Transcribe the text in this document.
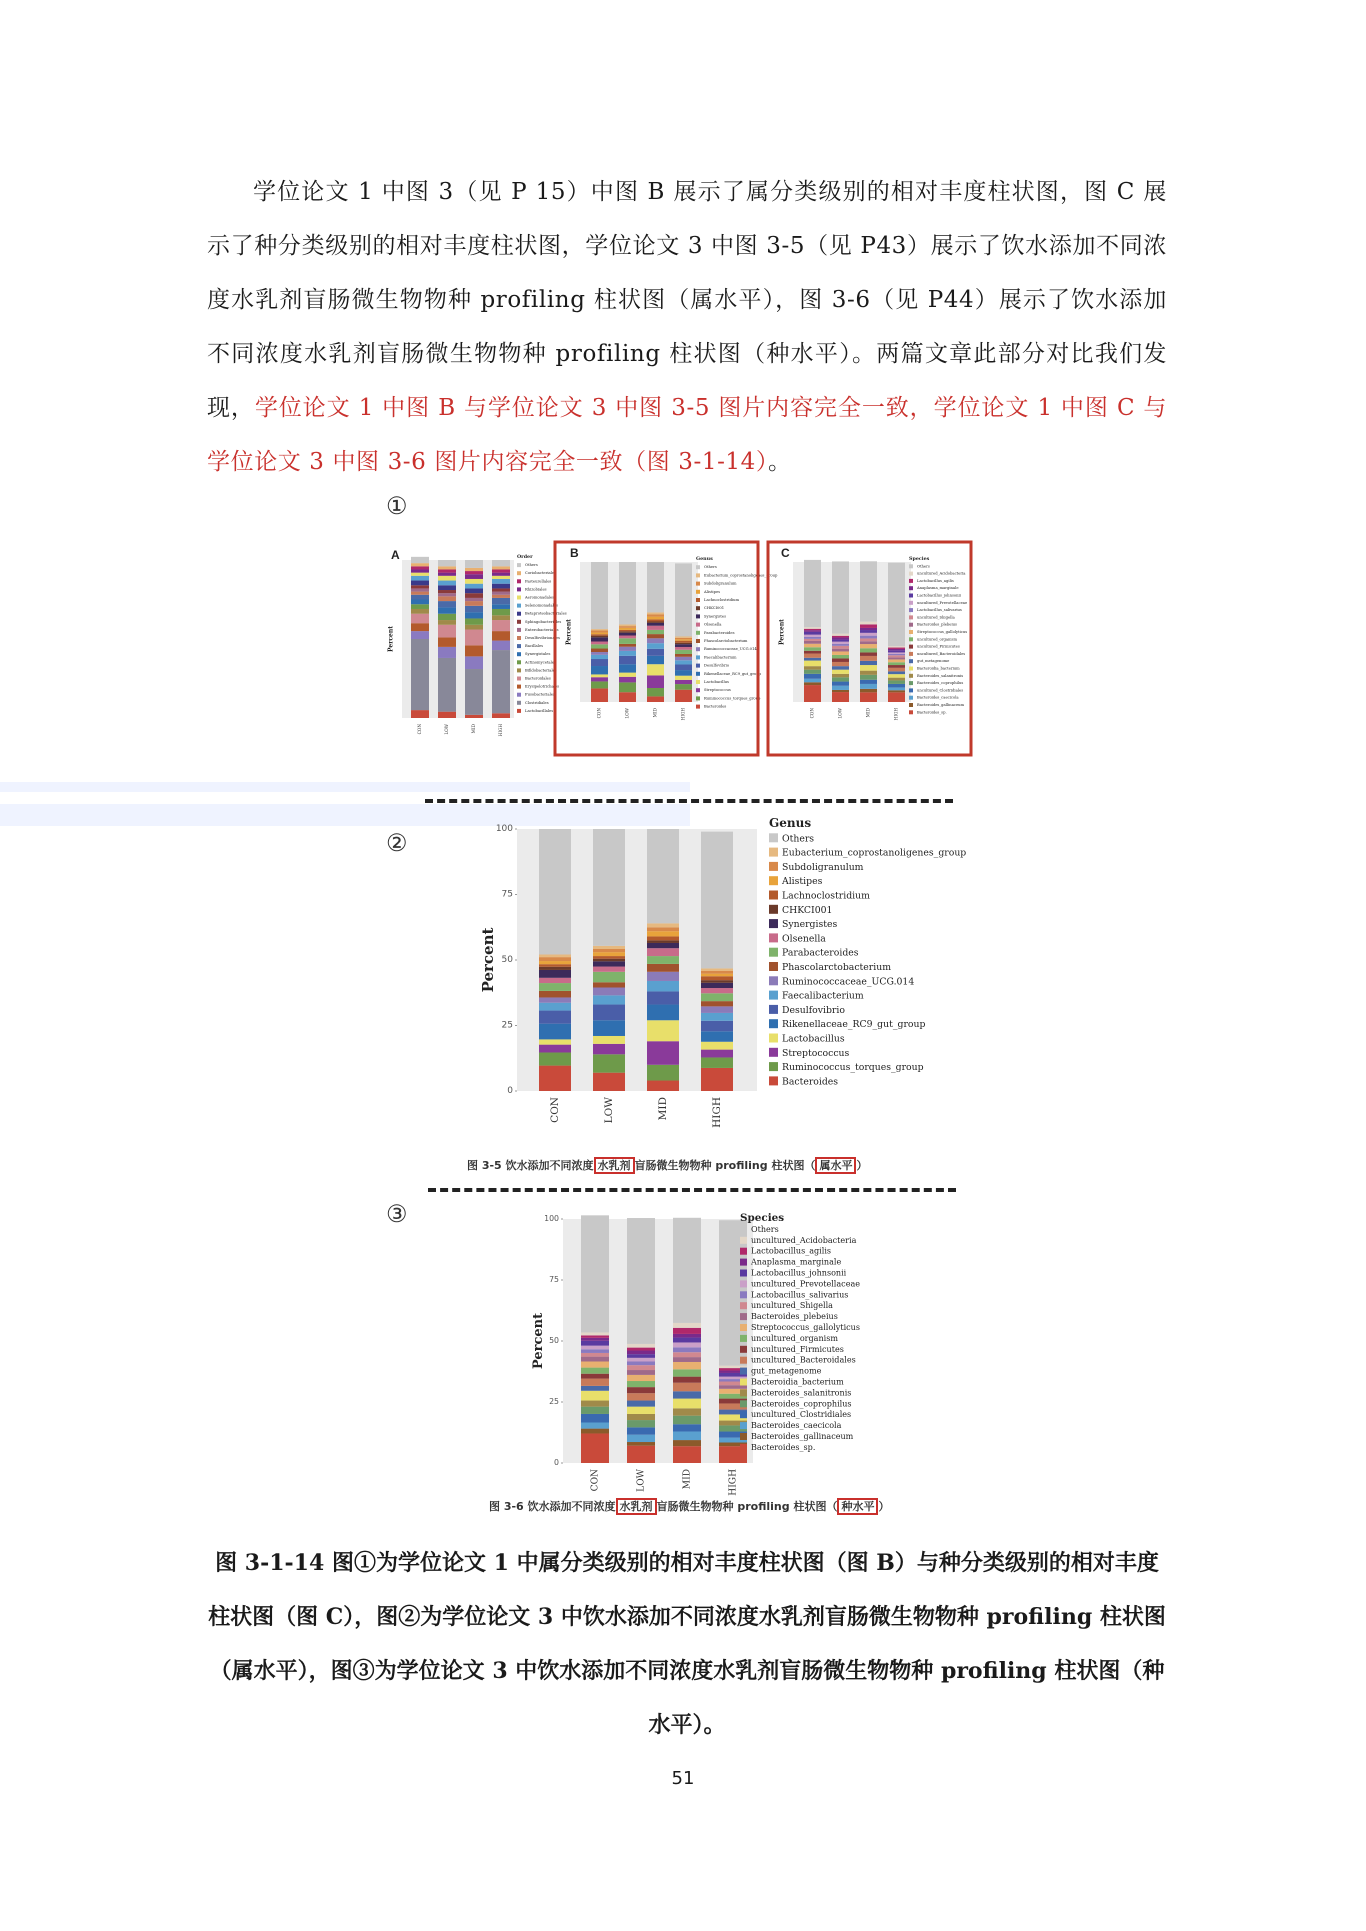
学位论文 1 中图 3（见 P 15）中图 B 展示了属分类级别的相对丰度柱状图，图 C 展示了种分类级别的相对丰度柱状图，学位论文 3 中图 3-5（见 P43）展示了饮水添加不同浓度水乳剂盲肠微生物物种 profiling 柱状图（属水平），图 3-6（见 P44）展示了饮水添加不同浓度水乳剂盲肠微生物物种 profiling 柱状图（种水平）。两篇文章此部分对比我们发现，学位论文 1 中图 B 与学位论文 3 中图 3-5 图片内容完全一致，学位论文 1 中图 C 与学位论文 3 中图 3-6 图片内容完全一致（图 3-1-14）。

①
CON	LOW	MID	HIGH
Percent
Order
Others
Coriobacteriales
Pasteurellales
Rhizobiales
Aeromonadales
Selenomonadales
Betaproteobacteriales
Sphingobacteriales
Enterobacteriales
Desulfovibrionales
Bacillales
Synergistales
Actinomycetales
Bifidobacteriales
Bacteroidales
Erysipelotrichales
Fusobacteriales
Clostridiales
Lactobacillales	CON	LOW	MID	HIGH
Percent
Genus
Others
Eubacterium_coprostanoligenes_group
Subdoligranulum
Alistipes
Lachnoclostridium
CHKCI001
Synergistes
Olsenella
Parabacteroides
Phascolarctobacterium
Ruminococcaceae_UCG.014
Faecalibacterium
Desulfovibrio
Rikenellaceae_RC9_gut_group
Lactobacillus
Streptococcus
Ruminococcus_torques_group
Bacteroides
CON	LOW	MID	HIGH
Percent
Species
Others
uncultured_Acidobacteria
Lactobacillus_agilis
Anaplasma_marginale
Lactobacillus_johnsonii
uncultured_Prevotellaceae
Lactobacillus_salivarius
uncultured_Shigella
Bacteroides_plebeius
Streptococcus_gallolyticus
uncultured_organism
uncultured_Firmicutes
uncultured_Bacteroidales
gut_metagenome
Bacteroidia_bacterium
Bacteroides_salanitronis
Bacteroides_coprophilus
uncultured_Clostridiales
Bacteroides_caecicola
Bacteroides_gallinaceum
Bacteroides_sp.
A	B	C
②
0
25
50
75
100
CON	LOW	MID	HIGH
Percent
Genus
Others
Eubacterium_coprostanoligenes_group
Subdoligranulum
Alistipes
Lachnoclostridium
CHKCI001
Synergistes
Olsenella
Parabacteroides
Phascolarctobacterium
Ruminococcaceae_UCG.014
Faecalibacterium
Desulfovibrio
Rikenellaceae_RC9_gut_group
Lactobacillus
Streptococcus
Ruminococcus_torques_group
Bacteroides
图 3-5 饮水添加不同浓度 水乳剂 盲肠微生物物种 profiling 柱状图（ 属水平 ）
③
0
25
50
75
100
CON	LOW	MID	HIGH
Percent
Species
Others
uncultured_Acidobacteria
Lactobacillus_agilis
Anaplasma_marginale
Lactobacillus_johnsonii
uncultured_Prevotellaceae
Lactobacillus_salivarius
uncultured_Shigella
Bacteroides_plebeius
Streptococcus_gallolyticus
uncultured_organism
uncultured_Firmicutes
uncultured_Bacteroidales
gut_metagenome
Bacteroidia_bacterium
Bacteroides_salanitronis
Bacteroides_coprophilus
uncultured_Clostridiales
Bacteroides_caecicola
Bacteroides_gallinaceum
Bacteroides_sp.
图 3-6 饮水添加不同浓度 水乳剂 盲肠微生物物种 profiling 柱状图（ 种水平 ）

图 3-1-14 图①为学位论文 1 中属分类级别的相对丰度柱状图（图 B）与种分类级别的相对丰度柱状图（图 C），图②为学位论文 3 中饮水添加不同浓度水乳剂盲肠微生物物种 profiling 柱状图（属水平），图③为学位论文 3 中饮水添加不同浓度水乳剂盲肠微生物物种 profiling 柱状图（种水平）。

51
